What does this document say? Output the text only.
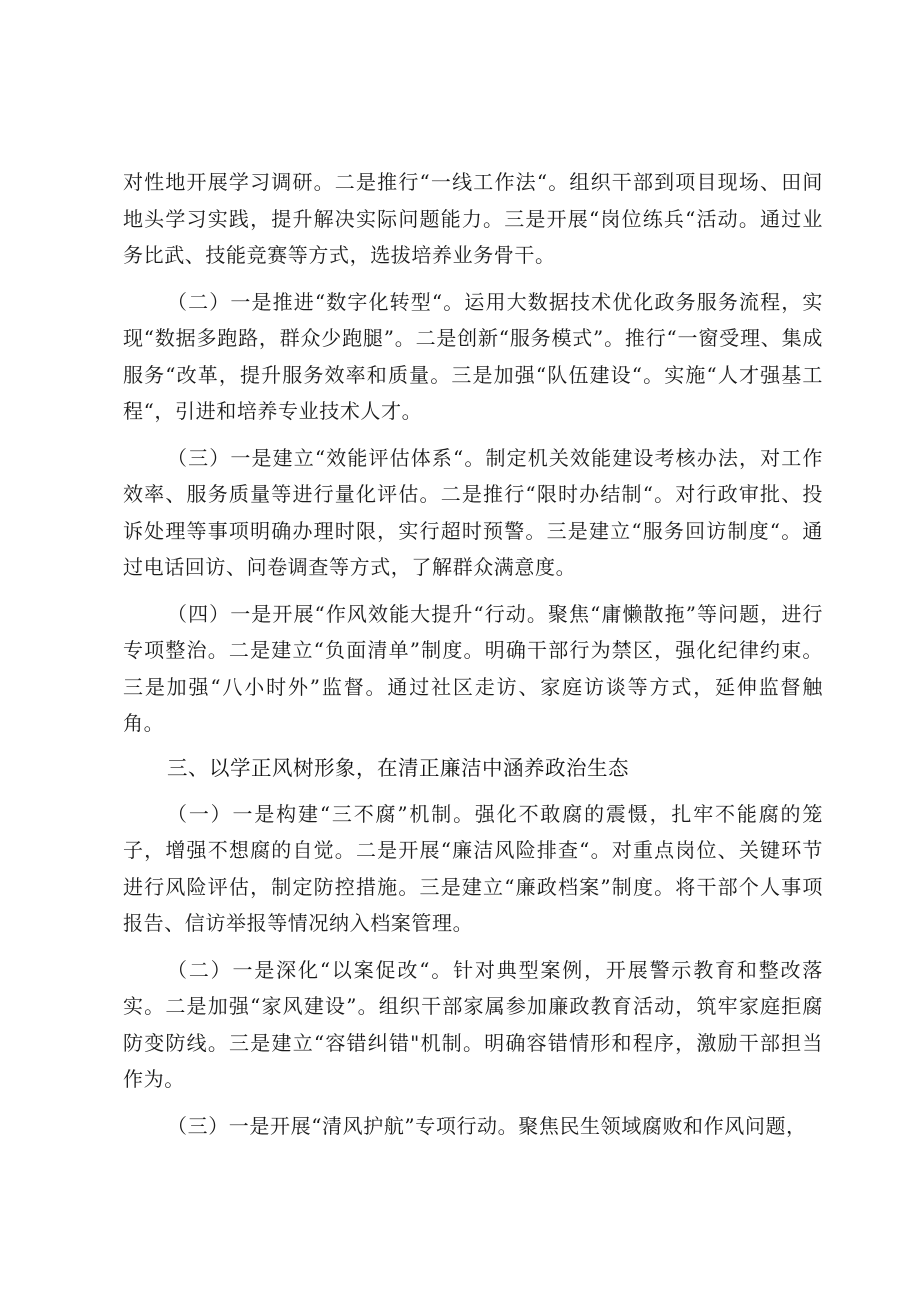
对性地开展学习调研。二是推行“一线工作法“。组织干部到项目现场、田间地头学习实践，提升解决实际问题能力。三是开展“岗位练兵“活动。通过业务比武、技能竞赛等方式，选拔培养业务骨干。

（二）一是推进“数字化转型“。运用大数据技术优化政务服务流程，实现“数据多跑路，群众少跑腿”。二是创新“服务模式”。推行“一窗受理、集成服务“改革，提升服务效率和质量。三是加强“队伍建设“。实施“人才强基工程“，引进和培养专业技术人才。

（三）一是建立“效能评估体系“。制定机关效能建设考核办法，对工作效率、服务质量等进行量化评估。二是推行“限时办结制“。对行政审批、投诉处理等事项明确办理时限，实行超时预警。三是建立“服务回访制度“。通过电话回访、问卷调查等方式，了解群众满意度。

（四）一是开展“作风效能大提升“行动。聚焦“庸懒散拖”等问题，进行专项整治。二是建立“负面清单”制度。明确干部行为禁区，强化纪律约束。三是加强“八小时外”监督。通过社区走访、家庭访谈等方式，延伸监督触角。

三、以学正风树形象，在清正廉洁中涵养政治生态

（一）一是构建“三不腐”机制。强化不敢腐的震慑，扎牢不能腐的笼子，增强不想腐的自觉。二是开展“廉洁风险排查“。对重点岗位、关键环节进行风险评估，制定防控措施。三是建立“廉政档案”制度。将干部个人事项报告、信访举报等情况纳入档案管理。

（二）一是深化“以案促改“。针对典型案例，开展警示教育和整改落实。二是加强“家风建设”。组织干部家属参加廉政教育活动，筑牢家庭拒腐防变防线。三是建立“容错纠错"机制。明确容错情形和程序，激励干部担当作为。

（三）一是开展“清风护航”专项行动。聚焦民生领域腐败和作风问题，
